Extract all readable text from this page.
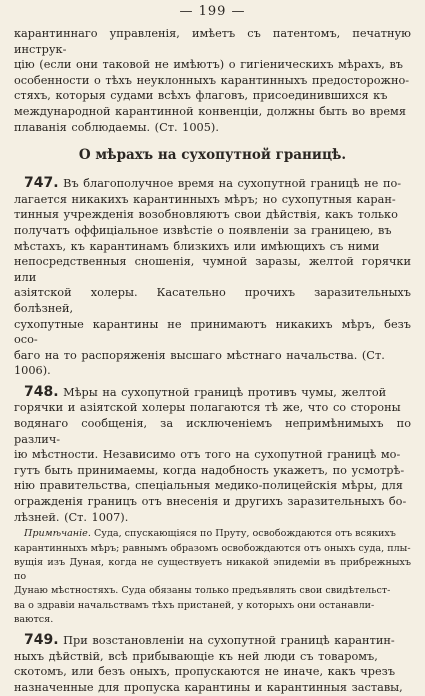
— 199 —
карантиннаго управленія, имѣетъ съ патентомъ, печатную инструк-
цію (если они таковой не имѣютъ) о гигіеническихъ мѣрахъ, въ
особенности о тѣхъ неуклонныхъ карантинныхъ предосторожно-
стяхъ, которыя судами всѣхъ флаговъ, присоединившихся къ
международной карантинной конвенціи, должны быть во время
плаванія соблюдаемы. (Ст. 1005).
О мѣрахъ на сухопутной границѣ.
747. Въ благополучное время на сухопутной границѣ не по-
лагается никакихъ карантинныхъ мѣръ; но сухопутныя каран-
тинныя учрежденія возобновляютъ свои дѣйствія, какъ только
получатъ оффиціальное извѣстіе о появленіи за границею, въ
мѣстахъ, къ карантинамъ близкихъ или имѣющихъ съ ними
непосредственныя сношенія, чумной заразы, желтой горячки или
азіятской холеры. Касательно прочихъ заразительныхъ болѣзней,
сухопутные карантины не принимаютъ никакихъ мѣръ, безъ осо-
баго на то распоряженія высшаго мѣстнаго начальства. (Ст.
1006).
748. Мѣры на сухопутной границѣ противъ чумы, желтой
горячки и азіятской холеры полагаются тѣ же, что со стороны
водянаго сообщенія, за исключеніемъ непримѣнимыхъ по различ-
ію мѣстности. Независимо отъ того на сухопутной границѣ мо-
гутъ быть принимаемы, когда надобность укажетъ, по усмотрѣ-
нію правительства, спеціальныя медико-полицейскія мѣры, для
огражденія границъ отъ внесенія и другихъ заразительныхъ бо-
лѣзней. (Ст. 1007).
Примѣчаніе. Суда, спускающіяся по Пруту, освобождаются отъ всякихъ
карантинныхъ мѣръ; равнымъ образомъ освобождаются отъ оныхъ суда, плы-
вущія изъ Дуная, когда не существуетъ никакой эпидеміи въ прибрежныхъ по
Дунаю мѣстностяхъ. Суда обязаны только предъявлять свои свидѣтельст-
ва о здравіи начальствамъ тѣхъ пристаней, у которыхъ они останавли-
ваются.
749. При возстановленіи на сухопутной границѣ карантин-
ныхъ дѣйствій, всѣ прибывающіе къ ней люди съ товаромъ,
скотомъ, или безъ оныхъ, пропускаются не иначе, какъ чрезъ
назначенные для пропуска карантины и карантинныя заставы,
